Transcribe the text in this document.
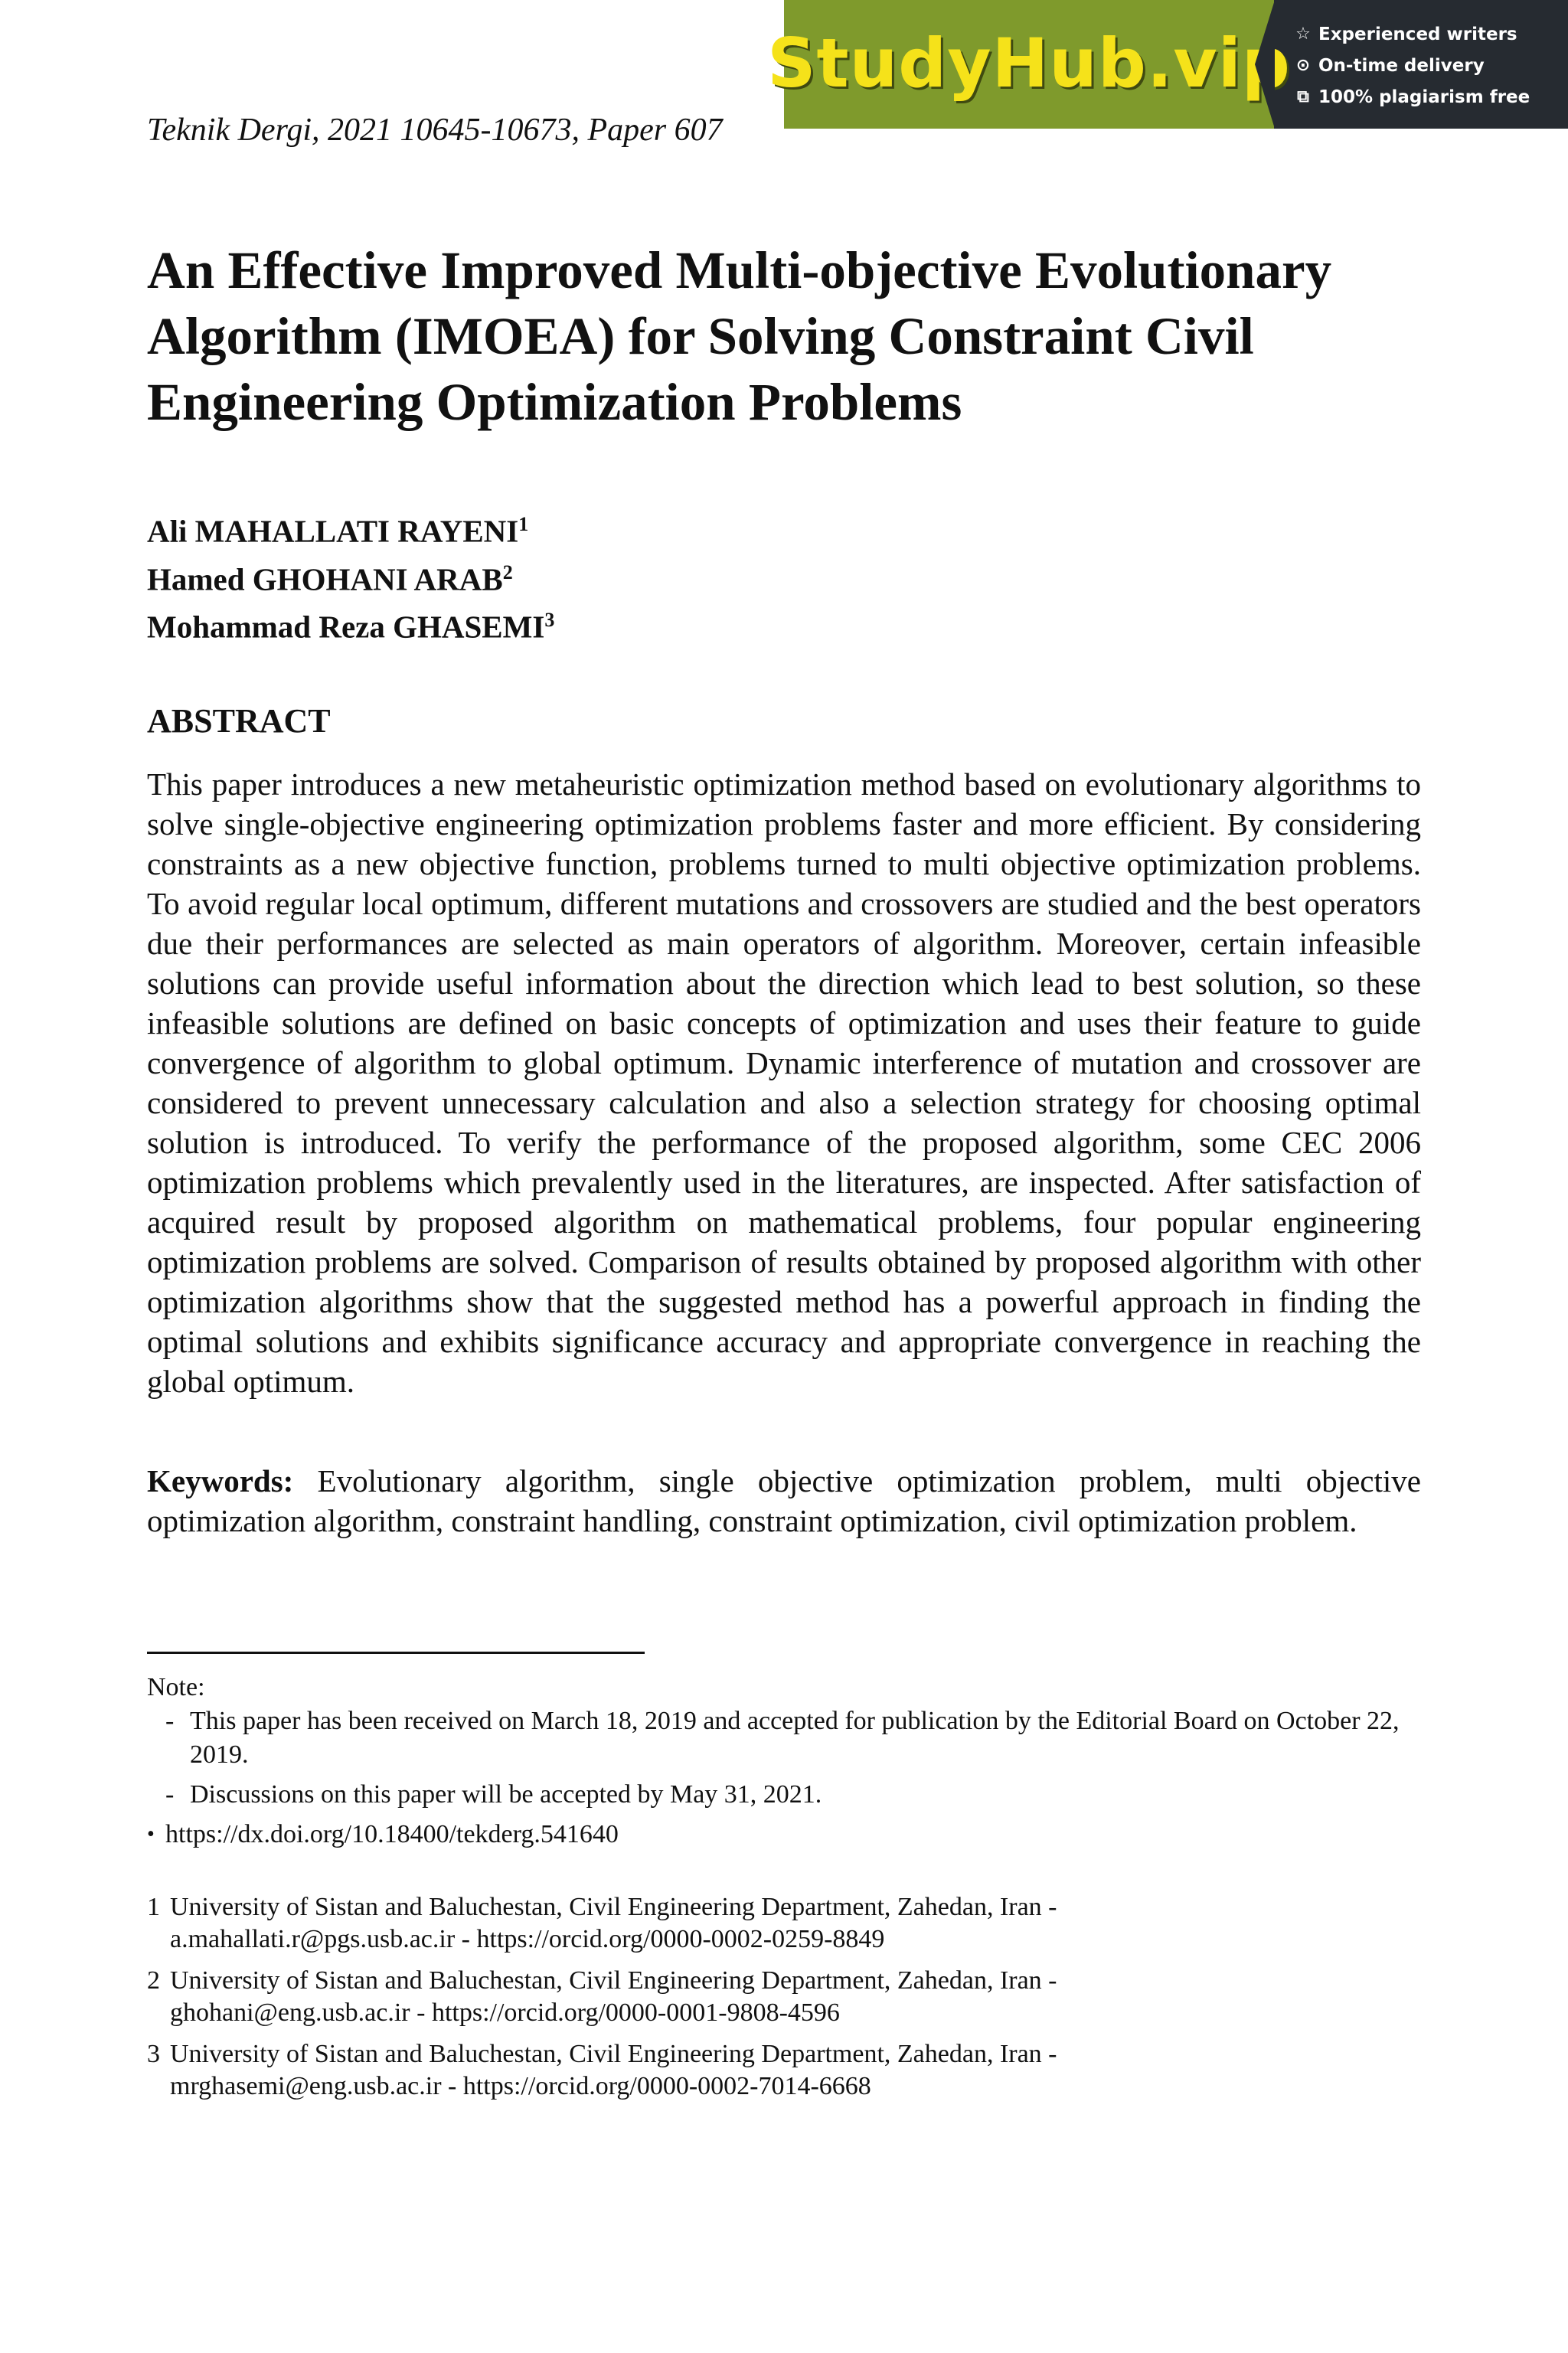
StudyHub.vip ☆ Experienced writers
⊙ On-time delivery
⧉ 100% plagiarism free
Teknik Dergi, 2021 10645-10673, Paper 607
An Effective Improved Multi-objective Evolutionary Algorithm (IMOEA) for Solving Constraint Civil Engineering Optimization Problems
Ali MAHALLATI RAYENI$^1$
Hamed GHOHANI ARAB$^2$
Mohammad Reza GHASEMI$^3$
ABSTRACT

This paper introduces a new metaheuristic optimization method based on evolutionary algorithms to solve single-objective engineering optimization problems faster and more efficient. By considering constraints as a new objective function, problems turned to multi objective optimization problems. To avoid regular local optimum, different mutations and crossovers are studied and the best operators due their performances are selected as main operators of algorithm. Moreover, certain infeasible solutions can provide useful information about the direction which lead to best solution, so these infeasible solutions are defined on basic concepts of optimization and uses their feature to guide convergence of algorithm to global optimum. Dynamic interference of mutation and crossover are considered to prevent unnecessary calculation and also a selection strategy for choosing optimal solution is introduced. To verify the performance of the proposed algorithm, some CEC 2006 optimization problems which prevalently used in the literatures, are inspected. After satisfaction of acquired result by proposed algorithm on mathematical problems, four popular engineering optimization problems are solved. Comparison of results obtained by proposed algorithm with other optimization algorithms show that the suggested method has a powerful approach in finding the optimal solutions and exhibits significance accuracy and appropriate convergence in reaching the global optimum.

Keywords: Evolutionary algorithm, single objective optimization problem, multi objective optimization algorithm, constraint handling, constraint optimization, civil optimization problem.

Note:
- This paper has been received on March 18, 2019 and accepted for publication by the Editorial Board on October 22, 2019.
- Discussions on this paper will be accepted by May 31, 2021.
• https://dx.doi.org/10.18400/tekderg.541640
1 University of Sistan and Baluchestan, Civil Engineering Department, Zahedan, Iran -
a.mahallati.r@pgs.usb.ac.ir - https://orcid.org/0000-0002-0259-8849
2 University of Sistan and Baluchestan, Civil Engineering Department, Zahedan, Iran -
ghohani@eng.usb.ac.ir - https://orcid.org/0000-0001-9808-4596
3 University of Sistan and Baluchestan, Civil Engineering Department, Zahedan, Iran -
mrghasemi@eng.usb.ac.ir - https://orcid.org/0000-0002-7014-6668
